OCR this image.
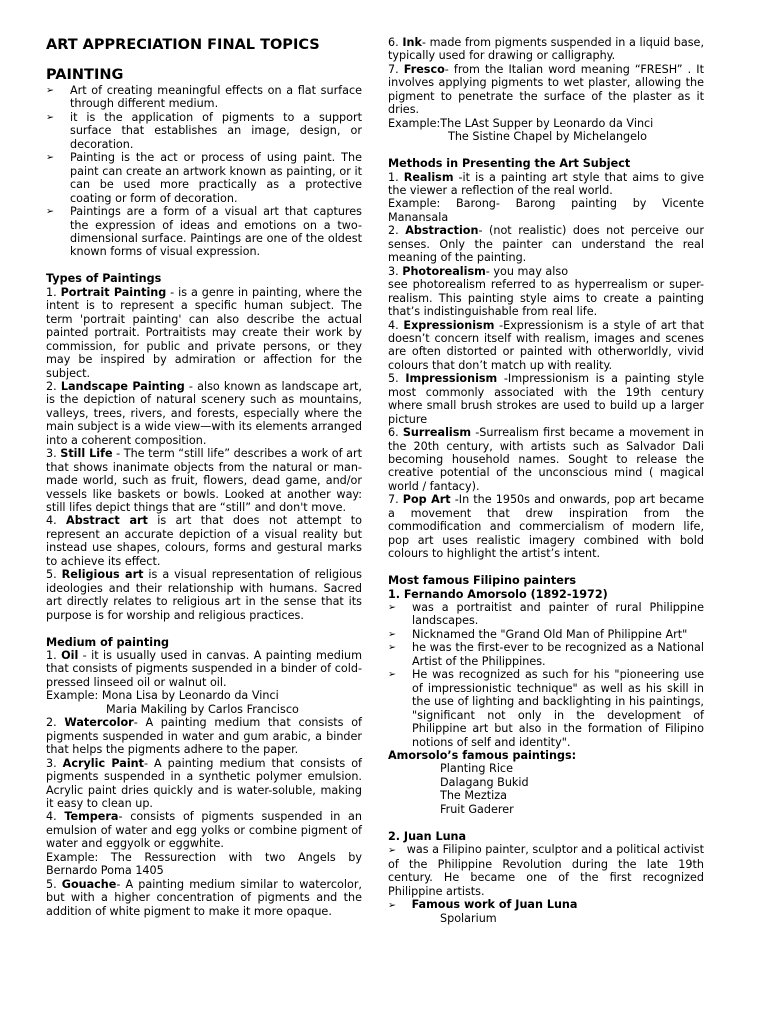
ART APPRECIATION FINAL TOPICS

PAINTING

➢ Art of creating meaningful effects on a flat surface through different medium.
➢ it is the application of pigments to a support surface that establishes an image, design, or decoration.
➢ Painting is the act or process of using paint. The paint can create an artwork known as painting, or it can be used more practically as a protective coating or form of decoration.
➢ Paintings are a form of a visual art that captures the expression of ideas and emotions on a two-dimensional surface. Paintings are one of the oldest known forms of visual expression.

Types of Paintings

1. Portrait Painting - is a genre in painting, where the intent is to represent a specific human subject. The term 'portrait painting' can also describe the actual painted portrait. Portraitists may create their work by commission, for public and private persons, or they may be inspired by admiration or affection for the subject.

2. Landscape Painting - also known as landscape art, is the depiction of natural scenery such as mountains, valleys, trees, rivers, and forests, especially where the main subject is a wide view—with its elements arranged into a coherent composition.

3. Still Life - The term “still life” describes a work of art that shows inanimate objects from the natural or man-made world, such as fruit, flowers, dead game, and/or vessels like baskets or bowls. Looked at another way: still lifes depict things that are “still” and don't move.

4. Abstract art is art that does not attempt to represent an accurate depiction of a visual reality but instead use shapes, colours, forms and gestural marks to achieve its effect.

5. Religious art is a visual representation of religious ideologies and their relationship with humans. Sacred art directly relates to religious art in the sense that its purpose is for worship and religious practices.

Medium of painting

1. Oil - it is usually used in canvas. A painting medium that consists of pigments suspended in a binder of cold-pressed linseed oil or walnut oil.

Example: Mona Lisa by Leonardo da Vinci

Maria Makiling by Carlos Francisco

2. Watercolor- A painting medium that consists of pigments suspended in water and gum arabic, a binder that helps the pigments adhere to the paper.

3. Acrylic Paint- A painting medium that consists of pigments suspended in a synthetic polymer emulsion. Acrylic paint dries quickly and is water-soluble, making it easy to clean up.

4. Tempera- consists of pigments suspended in an emulsion of water and egg yolks or combine pigment of water and eggyolk or eggwhite.

Example: The Ressurection with two Angels by Bernardo Poma 1405

5. Gouache- A painting medium similar to watercolor, but with a higher concentration of pigments and the addition of white pigment to make it more opaque.

6. Ink- made from pigments suspended in a liquid base, typically used for drawing or calligraphy.

7. Fresco- from the Italian word meaning “FRESH” . It involves applying pigments to wet plaster, allowing the pigment to penetrate the surface of the plaster as it dries.

Example:The LAst Supper by Leonardo da Vinci

The Sistine Chapel by Michelangelo

Methods in Presenting the Art Subject

1. Realism -it is a painting art style that aims to give the viewer a reflection of the real world.

Example: Barong- Barong painting by Vicente Manansala

2. Abstraction- (not realistic) does not perceive our senses. Only the painter can understand the real meaning of the painting.

3. Photorealism- you may also

see photorealism referred to as hyperrealism or super-realism. This painting style aims to create a painting that’s indistinguishable from real life.

4. Expressionism -Expressionism is a style of art that doesn’t concern itself with realism, images and scenes are often distorted or painted with otherworldly, vivid colours that don’t match up with reality.

5. Impressionism -Impressionism is a painting style most commonly associated with the 19th century where small brush strokes are used to build up a larger picture

6. Surrealism -Surrealism first became a movement in the 20th century, with artists such as Salvador Dali becoming household names. Sought to release the creative potential of the unconscious mind ( magical world / fantacy).

7. Pop Art -In the 1950s and onwards, pop art became a movement that drew inspiration from the commodification and commercialism of modern life, pop art uses realistic imagery combined with bold colours to highlight the artist’s intent.

Most famous Filipino painters

1. Fernando Amorsolo (1892-1972)

➢ was a portraitist and painter of rural Philippine landscapes.
➢ Nicknamed the "Grand Old Man of Philippine Art"
➢ he was the first-ever to be recognized as a National Artist of the Philippines.
➢ He was recognized as such for his "pioneering use of impressionistic technique" as well as his skill in the use of lighting and backlighting in his paintings, "significant not only in the development of Philippine art but also in the formation of Filipino notions of self and identity".

Amorsolo’s famous paintings:

Planting Rice

Dalagang Bukid

The Meztiza

Fruit Gaderer

2. Juan Luna

➢ was a Filipino painter, sculptor and a political activist of the Philippine Revolution during the late 19th century. He became one of the first recognized Philippine artists.

➢ Famous work of Juan Luna

Spolarium
